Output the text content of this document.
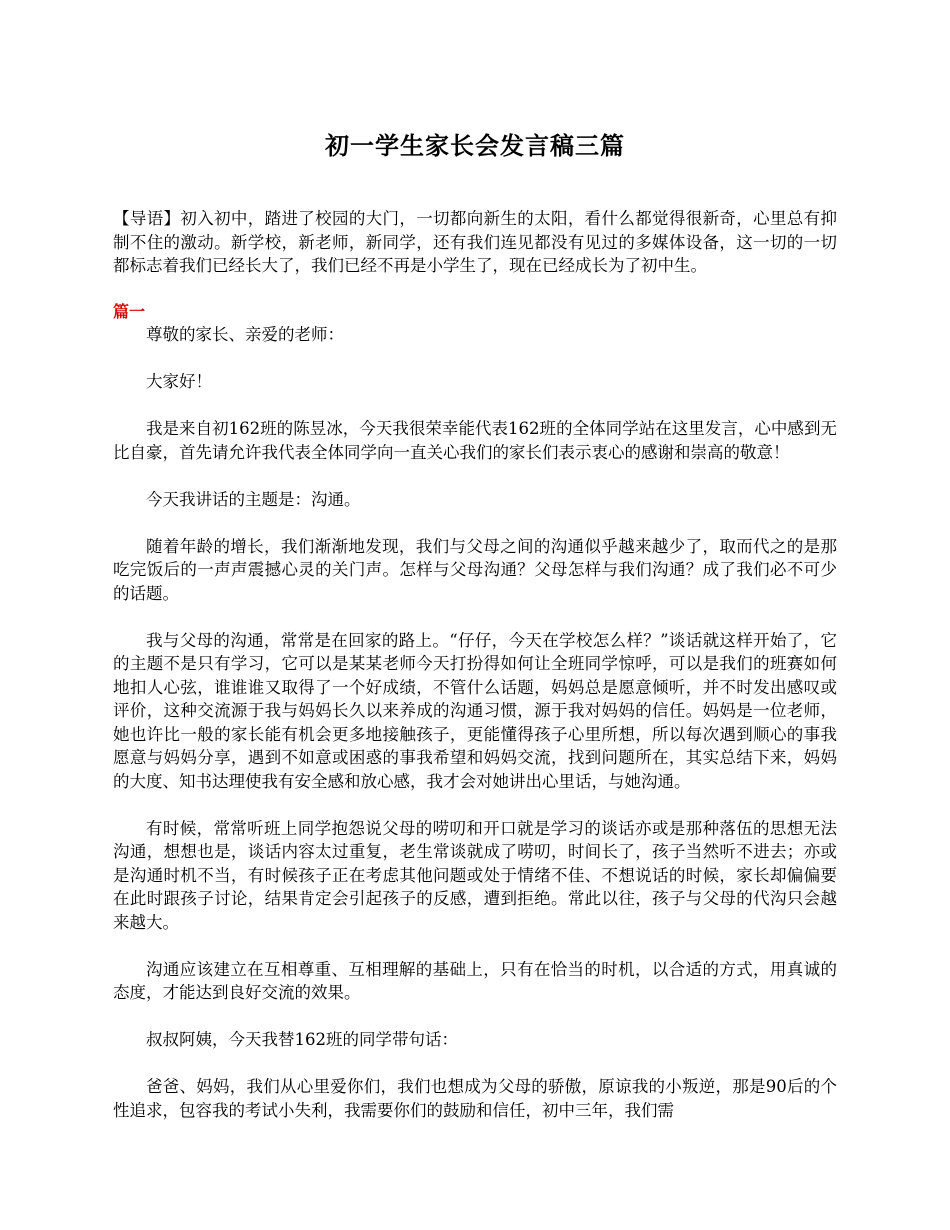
初一学生家长会发言稿三篇

【导语】初入初中，踏进了校园的大门，一切都向新生的太阳，看什么都觉得很新奇，心里总有抑制不住的激动。新学校，新老师，新同学，还有我们连见都没有见过的多媒体设备，这一切的一切都标志着我们已经长大了，我们已经不再是小学生了，现在已经成长为了初中生。

篇一

尊敬的家长、亲爱的老师：

大家好！

我是来自初162班的陈昱冰，今天我很荣幸能代表162班的全体同学站在这里发言，心中感到无比自豪，首先请允许我代表全体同学向一直关心我们的家长们表示衷心的感谢和崇高的敬意！

今天我讲话的主题是：沟通。

随着年龄的增长，我们渐渐地发现，我们与父母之间的沟通似乎越来越少了，取而代之的是那吃完饭后的一声声震撼心灵的关门声。怎样与父母沟通？父母怎样与我们沟通？成了我们必不可少的话题。

我与父母的沟通，常常是在回家的路上。“仔仔，今天在学校怎么样？”谈话就这样开始了，它的主题不是只有学习，它可以是某某老师今天打扮得如何让全班同学惊呼，可以是我们的班赛如何地扣人心弦，谁谁谁又取得了一个好成绩，不管什么话题，妈妈总是愿意倾听，并不时发出感叹或评价，这种交流源于我与妈妈长久以来养成的沟通习惯，源于我对妈妈的信任。妈妈是一位老师，她也许比一般的家长能有机会更多地接触孩子，更能懂得孩子心里所想，所以每次遇到顺心的事我愿意与妈妈分享，遇到不如意或困惑的事我希望和妈妈交流，找到问题所在，其实总结下来，妈妈的大度、知书达理使我有安全感和放心感，我才会对她讲出心里话，与她沟通。

有时候，常常听班上同学抱怨说父母的唠叨和开口就是学习的谈话亦或是那种落伍的思想无法沟通，想想也是，谈话内容太过重复，老生常谈就成了唠叨，时间长了，孩子当然听不进去；亦或是沟通时机不当，有时候孩子正在考虑其他问题或处于情绪不佳、不想说话的时候，家长却偏偏要在此时跟孩子讨论，结果肯定会引起孩子的反感，遭到拒绝。常此以往，孩子与父母的代沟只会越来越大。

沟通应该建立在互相尊重、互相理解的基础上，只有在恰当的时机，以合适的方式，用真诚的态度，才能达到良好交流的效果。

叔叔阿姨，今天我替162班的同学带句话：

爸爸、妈妈，我们从心里爱你们，我们也想成为父母的骄傲，原谅我的小叛逆，那是90后的个性追求，包容我的考试小失利，我需要你们的鼓励和信任，初中三年，我们需
